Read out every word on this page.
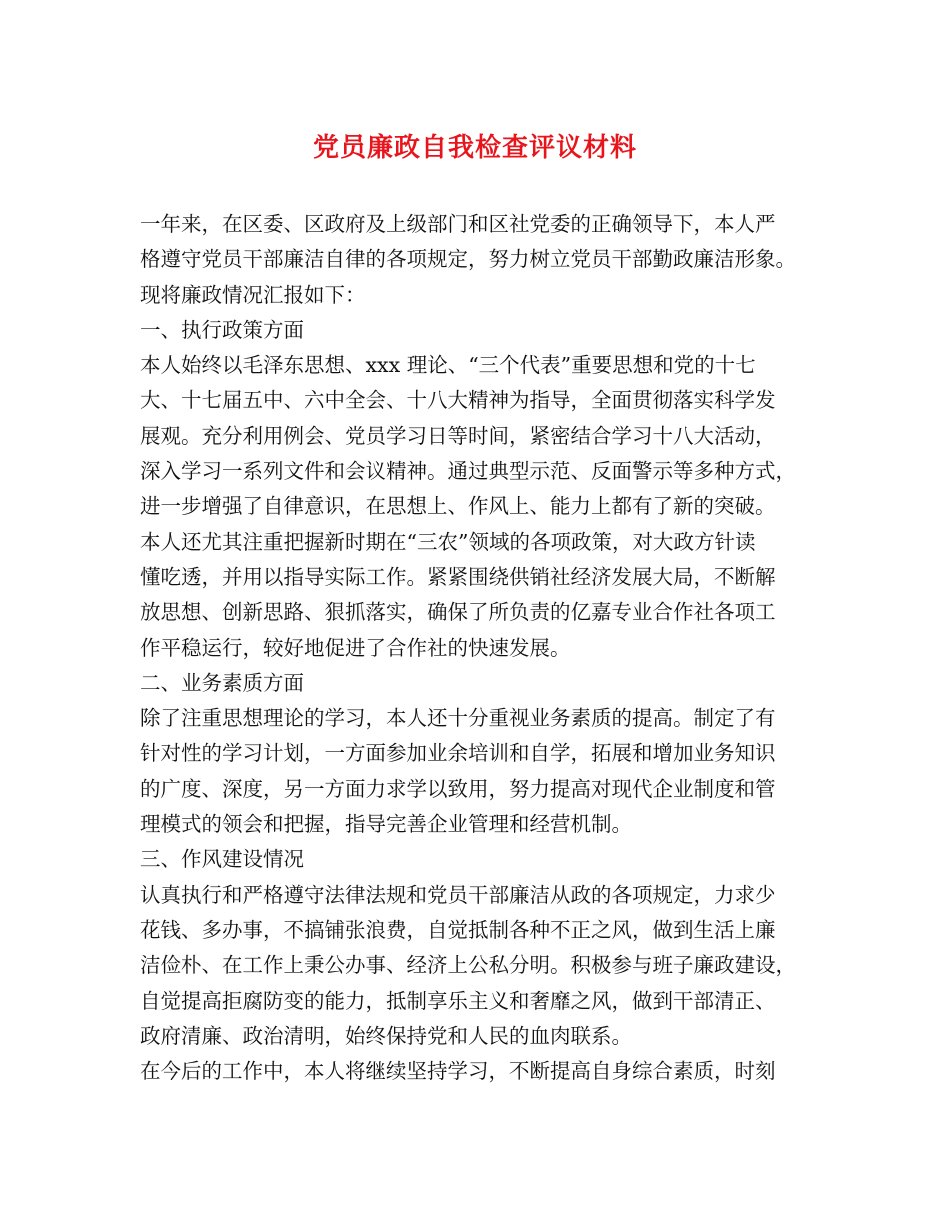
党员廉政自我检查评议材料
一年来，在区委、区政府及上级部门和区社党委的正确领导下，本人严
格遵守党员干部廉洁自律的各项规定，努力树立党员干部勤政廉洁形象。
现将廉政情况汇报如下：
一、执行政策方面
本人始终以毛泽东思想、xxx 理论、“三个代表”重要思想和党的十七
大、十七届五中、六中全会、十八大精神为指导，全面贯彻落实科学发
展观。充分利用例会、党员学习日等时间，紧密结合学习十八大活动，
深入学习一系列文件和会议精神。通过典型示范、反面警示等多种方式，
进一步增强了自律意识，在思想上、作风上、能力上都有了新的突破。
本人还尤其注重把握新时期在“三农”领域的各项政策，对大政方针读
懂吃透，并用以指导实际工作。紧紧围绕供销社经济发展大局，不断解
放思想、创新思路、狠抓落实，确保了所负责的亿嘉专业合作社各项工
作平稳运行，较好地促进了合作社的快速发展。
二、业务素质方面
除了注重思想理论的学习，本人还十分重视业务素质的提高。制定了有
针对性的学习计划，一方面参加业余培训和自学，拓展和增加业务知识
的广度、深度，另一方面力求学以致用，努力提高对现代企业制度和管
理模式的领会和把握，指导完善企业管理和经营机制。
三、作风建设情况
认真执行和严格遵守法律法规和党员干部廉洁从政的各项规定，力求少
花钱、多办事，不搞铺张浪费，自觉抵制各种不正之风，做到生活上廉
洁俭朴、在工作上秉公办事、经济上公私分明。积极参与班子廉政建设，
自觉提高拒腐防变的能力，抵制享乐主义和奢靡之风，做到干部清正、
政府清廉、政治清明，始终保持党和人民的血肉联系。
在今后的工作中，本人将继续坚持学习，不断提高自身综合素质，时刻
